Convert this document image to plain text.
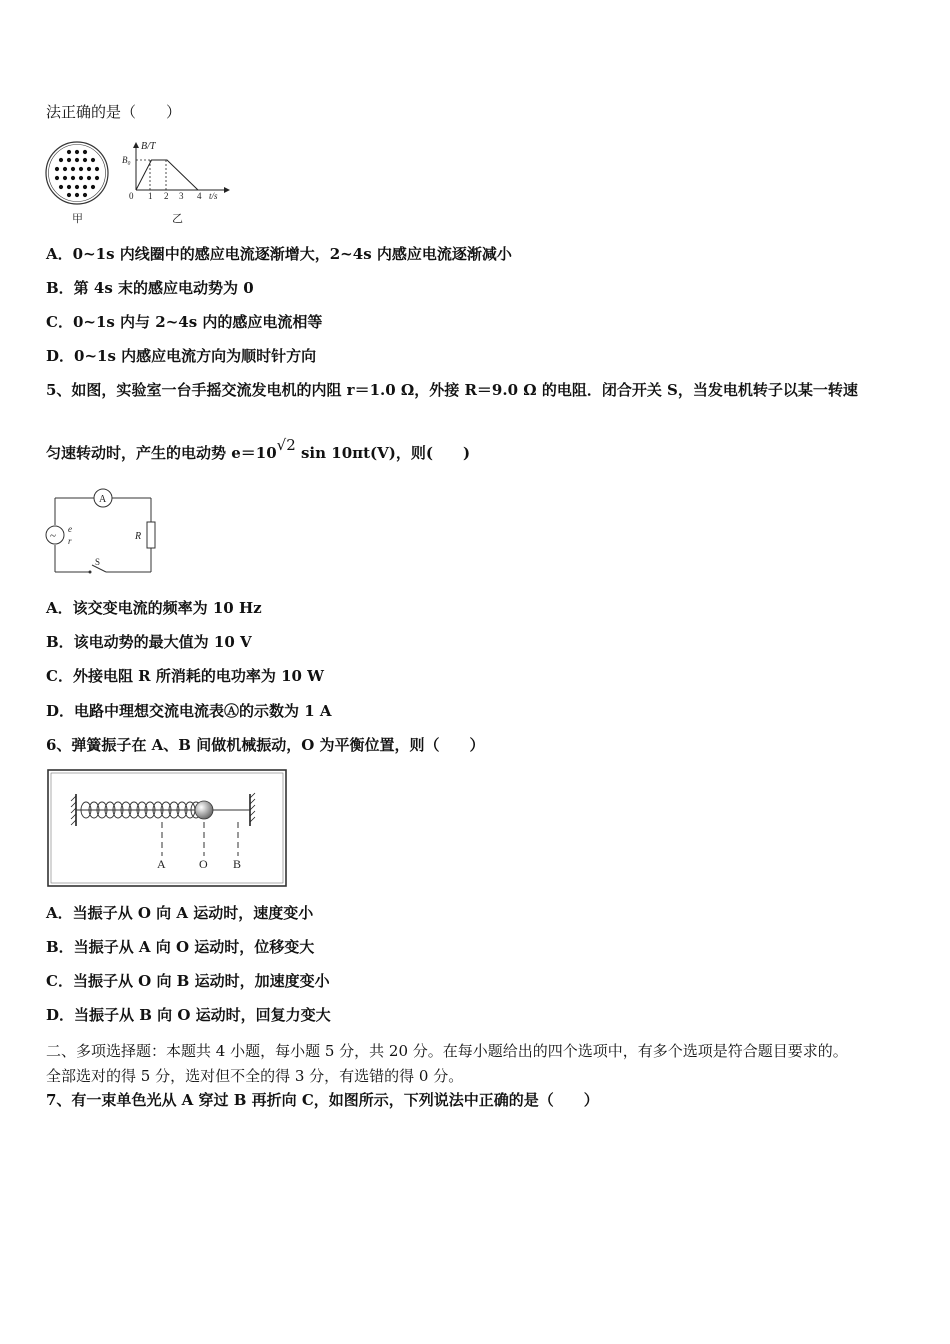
法正确的是（　　）
甲
B/T
B₀
0 1 2 3 4 t/s
乙
A．0~1s 内线圈中的感应电流逐渐增大，2~4s 内感应电流逐渐减小
B．第 4s 末的感应电动势为 0
C．0~1s 内与 2~4s 内的感应电流相等
D．0~1s 内感应电流方向为顺时针方向
5、如图，实验室一台手摇交流发电机的内阻 r＝1.0 Ω，外接 R＝9.0 Ω 的电阻．闭合开关 S，当发电机转子以某一转速
匀速转动时，产生的电动势 e＝10√2 sin 10πt(V)，则(　　)
A
~
e
r	R
S
A．该交变电流的频率为 10 Hz
B．该电动势的最大值为 10 V
C．外接电阻 R 所消耗的电功率为 10 W
D．电路中理想交流电流表Ⓐ的示数为 1 A
6、弹簧振子在 A、B 间做机械振动，O 为平衡位置，则（　　）
A	O B
A．当振子从 O 向 A 运动时，速度变小
B．当振子从 A 向 O 运动时，位移变大
C．当振子从 O 向 B 运动时，加速度变小
D．当振子从 B 向 O 运动时，回复力变大
二、多项选择题：本题共 4 小题，每小题 5 分，共 20 分。在每小题给出的四个选项中，有多个选项是符合题目要求的。
全部选对的得 5 分，选对但不全的得 3 分，有选错的得 0 分。
7、有一束单色光从 A 穿过 B 再折向 C，如图所示，下列说法中正确的是（　　）
